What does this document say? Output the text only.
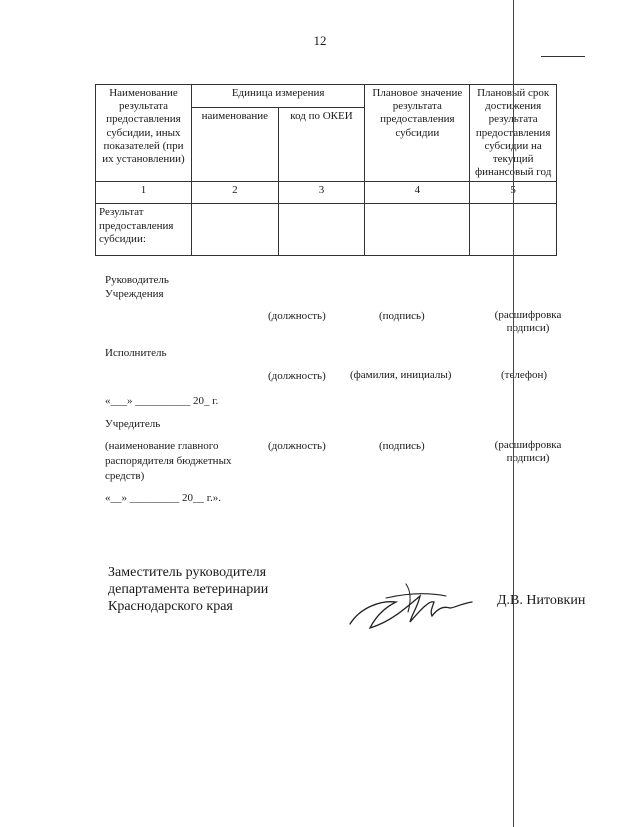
12
Наименование результата предоставления субсидии, иных показателей (при их установлении)	Единица измерения		Плановое значение результата предоставления субсидии	Плановый срок достижения результата предоставления субсидии на текущий финансовый год
	наименование	код по ОКЕИ		
1	2	3	4	5
Результат предоставления субсидии:				
Руководитель
Учреждения
(должность)	(подпись)	(расшифровка
подписи)
Исполнитель
(должность) (фамилия, инициалы)	(телефон)
«___» __________ 20_ г.
Учредитель
(наименование главного
распорядителя бюджетных
средств)
(должность)	(подпись)	(расшифровка
подписи)
«__» _________ 20__ г.».
Заместитель руководителя
департамента ветеринарии
Краснодарского края	Д.В. Нитовкин
